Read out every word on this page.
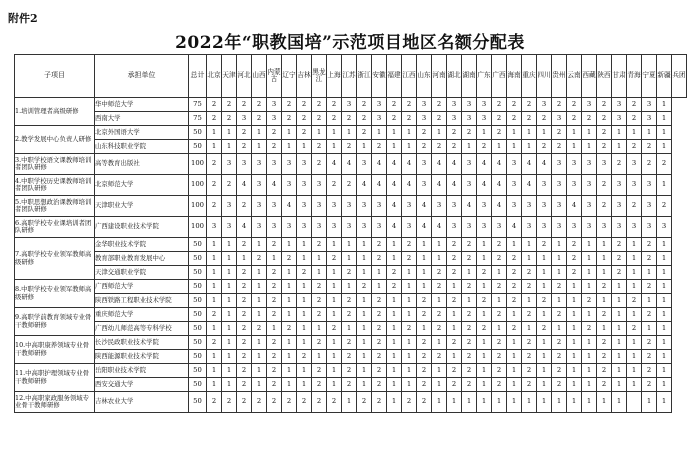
附件2
2022年“职教国培”示范项目地区名额分配表
子项目	承担单位	总计	北京	天津	河北	山西	内蒙古	辽宁	吉林	黑龙江	上海	江苏	浙江	安徽	福建	江西	山东	河南	湖北	湖南	广东	广西	海南	重庆	四川	贵州	云南	西藏	陕西	甘肃	青海	宁夏	新疆	兵团

1.培训管理者高级研修	华中师范大学	75	2	2	2	2	3	2	2	2	2	3	2	3	2	2	3	2	3	3	3	2	2	2	3	2	2	3	2	3	2	3	1	
	西南大学	75	2	2	3	2	3	2	2	2	2	2	2	3	2	2	3	2	3	3	3	2	2	2	2	3	2	2	2	3	2	3	1	
2.教学发展中心负责人研修	北京外国语大学	50	1	1	2	1	2	1	2	1	1	1	2	1	1	1	2	1	2	2	1	2	1	1	1	2	1	1	2	1	1	1	1	
	山东科技职业学院	50	1	1	2	1	2	1	1	2	1	2	1	2	1	1	2	2	2	1	2	1	1	1	2	2	1	1	2	1	2	2	1	
3.中职学校语文课教师培训者团队研修	高等教育出版社	100	2	3	3	3	3	3	3	2	4	4	3	4	4	4	3	4	4	3	4	4	3	4	4	3	3	3	3	2	3	2	2	
4.中职学校历史课教师培训者团队研修	北京师范大学	100	2	2	4	3	4	3	3	3	2	2	4	4	4	4	3	4	4	3	4	4	3	4	3	3	3	3	2	3	3	3	1	
5.中职思想政治课教师培训者团队研修	天津职业大学	100	2	3	2	3	3	4	3	3	3	3	3	3	4	3	4	3	3	4	3	4	3	3	3	3	4	3	2	3	2	3	2	
6.高职学校专业课培训者团队研修	广西建设职业技术学院	100	3	3	4	3	3	3	3	3	3	3	3	3	4	3	4	4	3	3	3	3	4	3	3	3	3	3	3	3	3	3	3	
7.高职学校专业领军教师高级研修	金华职业技术学院	50	1	1	2	1	2	1	1	2	1	1	1	2	1	2	1	1	2	2	1	2	1	1	2	1	2	1	1	2	1	2	1	
	教育部职业教育发展中心	50	1	1	1	2	1	2	1	1	2	1	1	2	1	2	1	1	2	2	1	2	2	1	1	1	2	1	1	2	1	2	1	
	天津交通职业学院	50	1	1	2	1	2	1	2	1	1	2	1	1	2	1	1	2	2	1	2	1	2	2	1	1	2	1	1	2	1	1	1	
8.中职学校专业领军教师高级研修	广西师范大学	50	1	1	2	1	2	1	1	2	1	1	2	1	2	1	1	2	1	2	1	2	2	2	1	2	1	1	2	1	1	2	1	
	陕西铁路工程职业技术学院	50	1	1	2	1	2	1	1	2	1	2	1	2	1	1	2	1	2	1	2	1	2	1	2	1	1	2	1	1	2	1	1	
9.高职学前教育领域专业骨干教师研修	重庆师范大学	50	2	1	2	1	2	1	1	2	1	2	1	2	1	1	2	2	1	2	1	2	1	2	1	2	1	1	2	1	1	2	1	
	广西幼儿师范高等专科学校	50	1	1	2	2	1	2	1	1	2	1	1	2	1	2	1	2	1	2	2	1	2	1	2	1	1	2	1	1	2	1	1	
10.中高职康养领域专业骨干教师研修	长沙民政职业技术学院	50	2	1	2	1	2	1	1	2	1	2	1	2	1	1	2	1	2	2	1	2	1	2	1	2	1	1	2	1	1	2	1	
	陕西能源职业技术学院	50	1	1	2	1	2	1	2	1	1	2	1	2	1	1	2	2	1	2	1	2	1	2	1	2	1	1	2	1	1	2	1	
11.中高职护理领域专业骨干教师研修	岳阳职业技术学院	50	1	1	2	1	2	1	1	2	1	2	1	2	1	1	2	1	2	2	1	2	1	2	1	2	1	1	2	1	1	2	1	
	西安交通大学	50	1	1	2	1	2	1	1	2	1	2	1	2	1	1	2	1	2	2	1	2	1	2	1	2	1	1	2	1	1	2	1	
12.中高职家政服务领域专业骨干教师研修	吉林农业大学	50	2	2	2	2	2	2	2	2	2	1	2	2	1	2	2	1	1	1	1	1	1	1	1	1	1	1	1	1		1	1	
